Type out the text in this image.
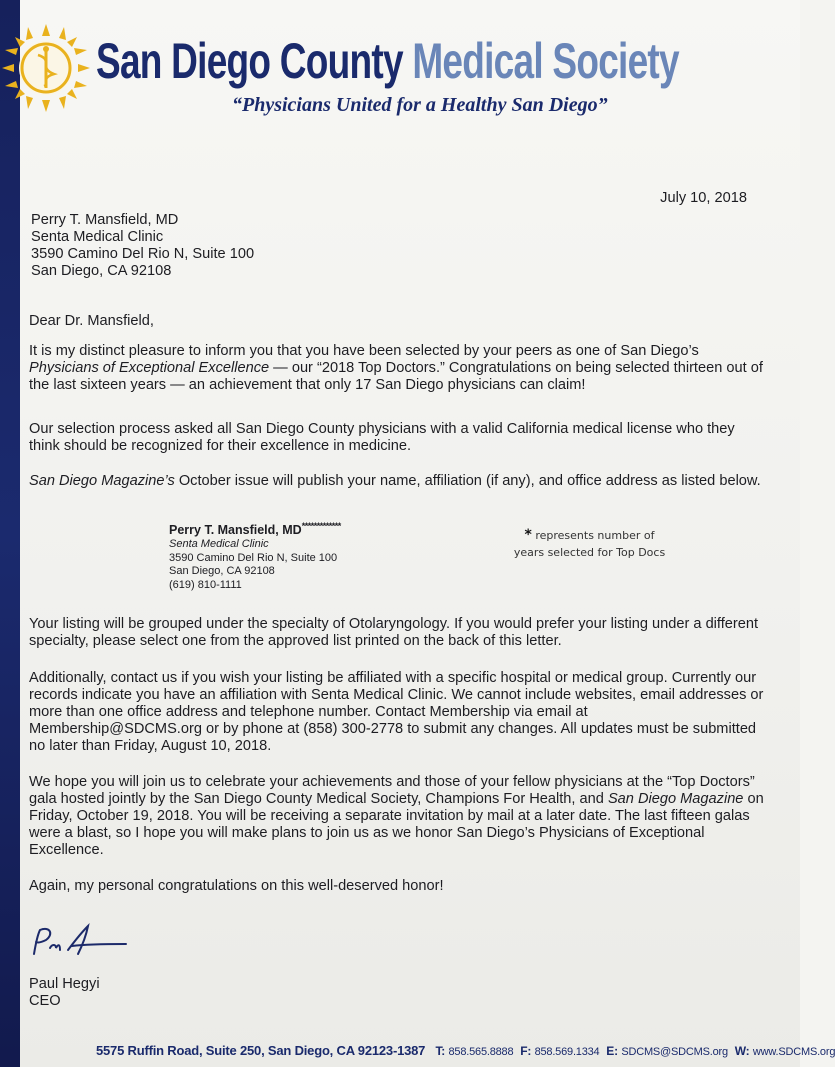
San Diego County Medical Society
“Physicians United for a Healthy San Diego”
July 10, 2018
Perry T. Mansfield, MD
Senta Medical Clinic
3590 Camino Del Rio N, Suite 100
San Diego, CA 92108
Dear Dr. Mansfield,
It is my distinct pleasure to inform you that you have been selected by your peers as one of San Diego’s Physicians of Exceptional Excellence — our “2018 Top Doctors.” Congratulations on being selected thirteen out of the last sixteen years — an achievement that only 17 San Diego physicians can claim!
Our selection process asked all San Diego County physicians with a valid California medical license who they think should be recognized for their excellence in medicine.
San Diego Magazine’s October issue will publish your name, affiliation (if any), and office address as listed below.
Perry T. Mansfield, MD*************
Senta Medical Clinic
3590 Camino Del Rio N, Suite 100
San Diego, CA 92108
(619) 810-1111
* represents number of
years selected for Top Docs
Your listing will be grouped under the specialty of Otolaryngology. If you would prefer your listing under a different specialty, please select one from the approved list printed on the back of this letter.
Additionally, contact us if you wish your listing be affiliated with a specific hospital or medical group. Currently our records indicate you have an affiliation with Senta Medical Clinic. We cannot include websites, email addresses or more than one office address and telephone number. Contact Membership via email at Membership@SDCMS.org or by phone at (858) 300-2778 to submit any changes. All updates must be submitted no later than Friday, August 10, 2018.
We hope you will join us to celebrate your achievements and those of your fellow physicians at the “Top Doctors” gala hosted jointly by the San Diego County Medical Society, Champions For Health, and San Diego Magazine on Friday, October 19, 2018. You will be receiving a separate invitation by mail at a later date. The last fifteen galas were a blast, so I hope you will make plans to join us as we honor San Diego’s Physicians of Exceptional Excellence.
Again, my personal congratulations on this well-deserved honor!
Paul Hegyi
CEO
5575 Ruffin Road, Suite 250, San Diego, CA 92123-1387 T: 858.565.8888 F: 858.569.1334 E: SDCMS@SDCMS.org W: www.SDCMS.org
